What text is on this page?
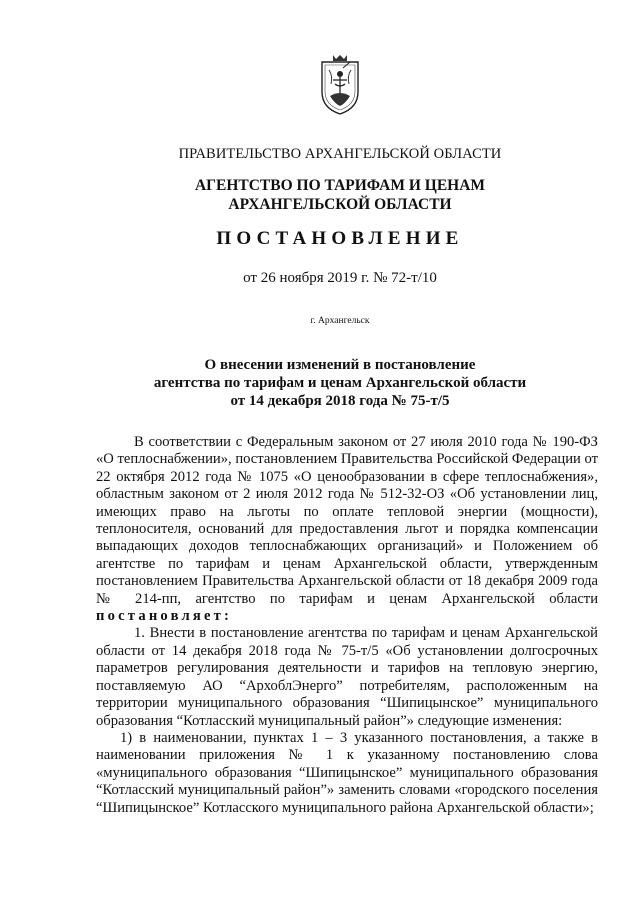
ПРАВИТЕЛЬСТВО АРХАНГЕЛЬСКОЙ ОБЛАСТИ
АГЕНТСТВО ПО ТАРИФАМ И ЦЕНАМ
АРХАНГЕЛЬСКОЙ ОБЛАСТИ
ПОСТАНОВЛЕНИЕ
от 26 ноября 2019 г. № 72-т/10
г. Архангельск
О внесении изменений в постановление
агентства по тарифам и ценам Архангельской области
от 14 декабря 2018 года № 75-т/5

В соответствии с Федеральным законом от 27 июля 2010 года № 190-ФЗ «О теплоснабжении», постановлением Правительства Российской Федерации от 22 октября 2012 года № 1075 «О ценообразовании в сфере теплоснабжения», областным законом от 2 июля 2012 года № 512-32-ОЗ «Об установлении лиц, имеющих право на льготы по оплате тепловой энергии (мощности), теплоносителя, оснований для предоставления льгот и порядка компенсации выпадающих доходов теплоснабжающих организаций» и Положением об агентстве по тарифам и ценам Архангельской области, утвержденным постановлением Правительства Архангельской области от 18 декабря 2009 года № 214-пп, агентство по тарифам и ценам Архангельской области постановляет:

1. Внести в постановление агентства по тарифам и ценам Архангельской области от 14 декабря 2018 года № 75-т/5 «Об установлении долгосрочных параметров регулирования деятельности и тарифов на тепловую энергию, поставляемую АО “АрхоблЭнерго” потребителям, расположенным на территории муниципального образования “Шипицынское” муниципального образования “Котласский муниципальный район”» следующие изменения:

1) в наименовании, пунктах 1 – 3 указанного постановления, а также в наименовании приложения № 1 к указанному постановлению слова «муниципального образования “Шипицынское” муниципального образования “Котласский муниципальный район”» заменить словами «городского поселения “Шипицынское” Котласского муниципального района Архангельской области»;
